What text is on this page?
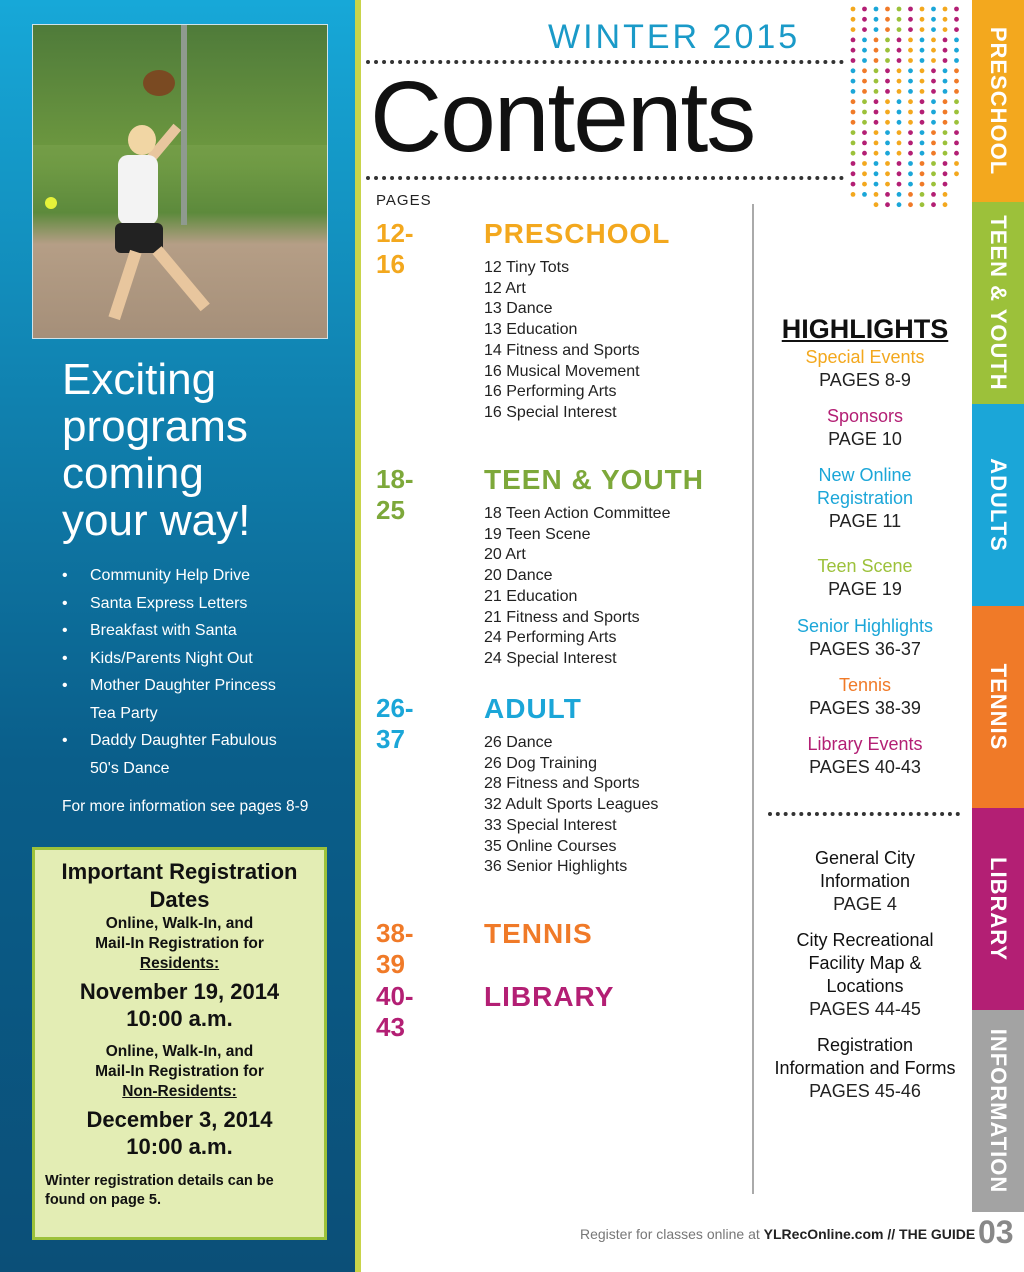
Exciting
programs
coming
your way!
• Community Help Drive
• Santa Express Letters
• Breakfast with Santa
• Kids/Parents Night Out
• Mother Daughter Princess
Tea Party
• Daddy Daughter Fabulous
50's Dance
For more information see pages 8-9
Important Registration Dates
Online, Walk-In, and
Mail-In Registration for
Residents:
November 19, 2014
10:00 a.m.
Online, Walk-In, and
Mail-In Registration for
Non-Residents:
December 3, 2014
10:00 a.m.
Winter registration details can be found on page 5.
WINTER 2015
Contents	PRESCHOOL
TEEN & YOUTH
ADULTS
TENNIS
LIBRARY
INFORMATION
PAGES
12-16
PRESCHOOL
12 Tiny Tots
12 Art
13 Dance
13 Education
14 Fitness and Sports
16 Musical Movement
16 Performing Arts
16 Special Interest
18-25
TEEN & YOUTH
18 Teen Action Committee
19 Teen Scene
20 Art
20 Dance
21 Education
21 Fitness and Sports
24 Performing Arts
24 Special Interest
26-37
ADULT
26 Dance
26 Dog Training
28 Fitness and Sports
32 Adult Sports Leagues
33 Special Interest
35 Online Courses
36 Senior Highlights
38-39
TENNIS
40-43
LIBRARY
HIGHLIGHTS
Special Events
PAGES 8-9
Sponsors
PAGE 10
New Online Registration
PAGE 11
Teen Scene
PAGE 19
Senior Highlights
PAGES 36-37
Tennis
PAGES 38-39
Library Events
PAGES 40-43
General City Information
PAGE 4
City Recreational Facility Map & Locations
PAGES 44-45
Registration Information and Forms
PAGES 45-46
Register for classes online at YLRecOnline.com // THE GUIDE 03
